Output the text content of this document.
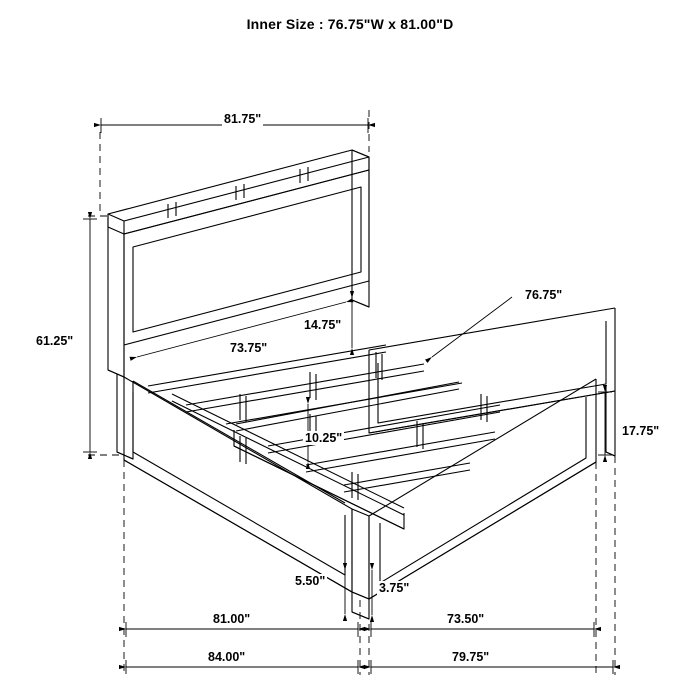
Inner Size : 76.75"W x 81.00"D
81.75"
61.25"	73.75"
14.75"
76.75"
17.75"
10.25"
5.50"	3.75"
81.00"	73.50"
84.00"	79.75"
